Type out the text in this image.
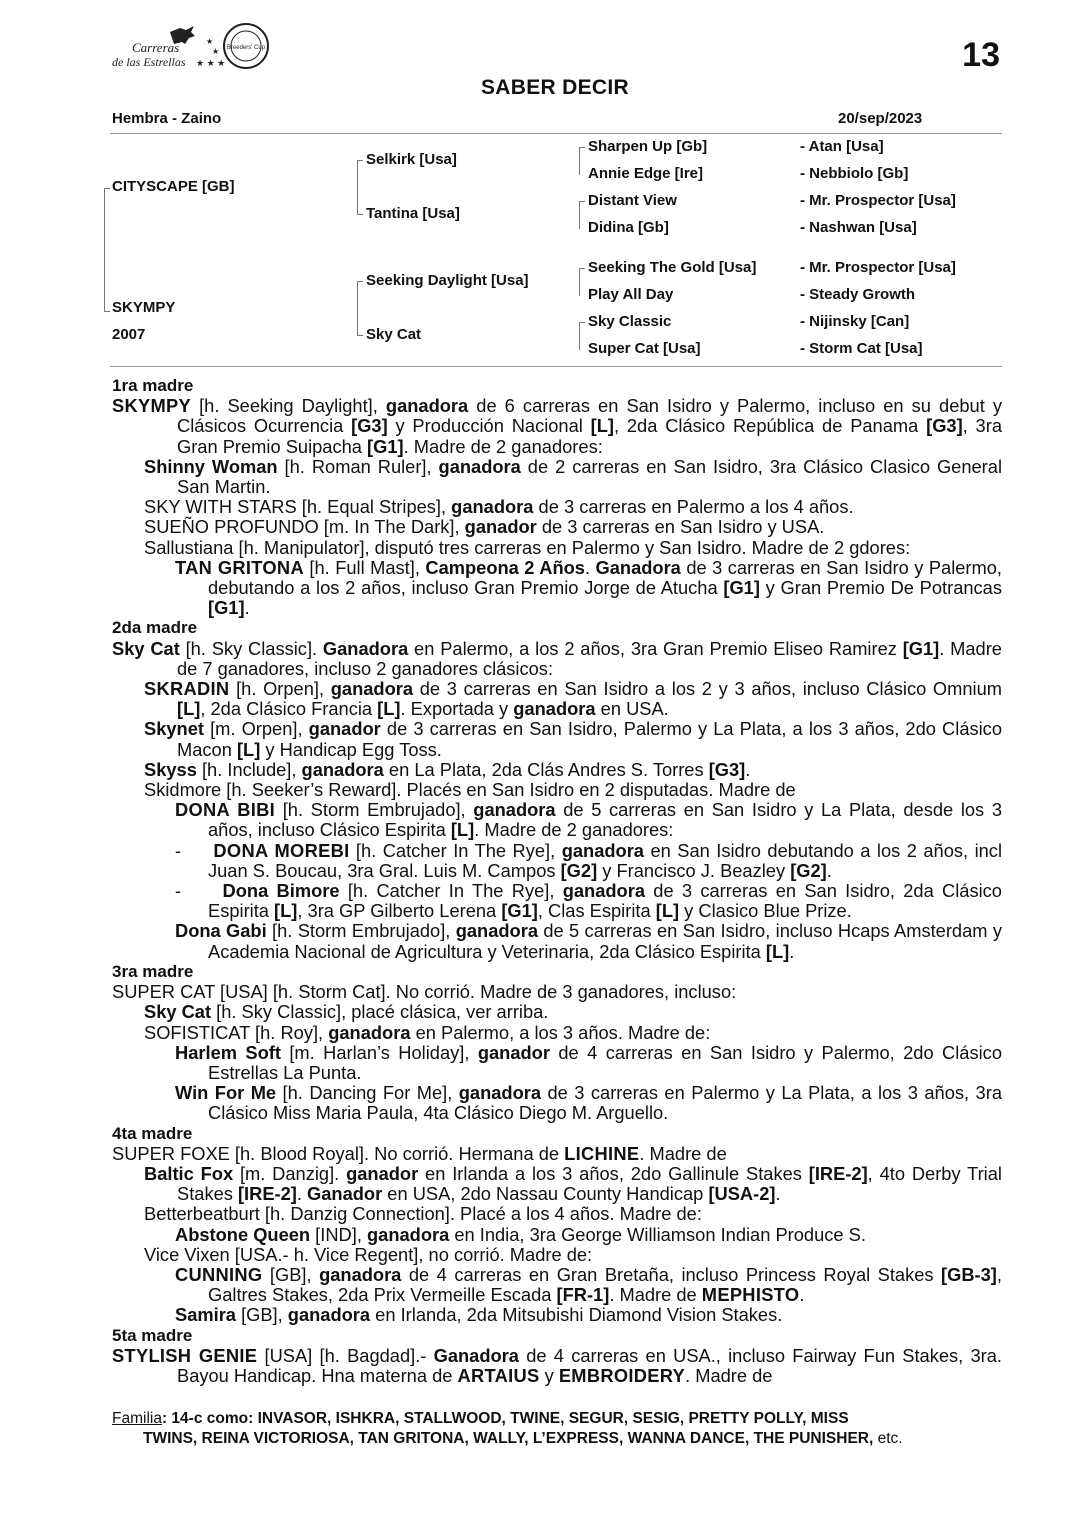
Carreras
de las Estrellas ★ ★ ★
★
★ Breeders' Cup	13
SABER DECIR
Hembra - Zaino	20/sep/2023
CITYSCAPE [GB]
SKYMPY
2007
Selkirk [Usa]
Tantina [Usa]
Seeking Daylight [Usa]
Sky Cat
Sharpen Up [Gb]
Annie Edge [Ire]
Distant View
Didina [Gb]
Seeking The Gold [Usa]
Play All Day
Sky Classic
Super Cat [Usa]
- Atan [Usa]
- Nebbiolo [Gb]
- Mr. Prospector [Usa]
- Nashwan [Usa]
- Mr. Prospector [Usa]
- Steady Growth
- Nijinsky [Can]
- Storm Cat [Usa]

1ra madre

SKYMPY [h. Seeking Daylight], ganadora de 6 carreras en San Isidro y Palermo, incluso en su debut y Clásicos Ocurrencia [G3] y Producción Nacional [L], 2da Clásico República de Panama [G3], 3ra Gran Premio Suipacha [G1]. Madre de 2 ganadores:

Shinny Woman [h. Roman Ruler], ganadora de 2 carreras en San Isidro, 3ra Clásico Clasico General San Martin.

SKY WITH STARS [h. Equal Stripes], ganadora de 3 carreras en Palermo a los 4 años.

SUEÑO PROFUNDO [m. In The Dark], ganador de 3 carreras en San Isidro y USA.

Sallustiana [h. Manipulator], disputó tres carreras en Palermo y San Isidro. Madre de 2 gdores:

TAN GRITONA [h. Full Mast], Campeona 2 Años. Ganadora de 3 carreras en San Isidro y Palermo, debutando a los 2 años, incluso Gran Premio Jorge de Atucha [G1] y Gran Premio De Potrancas [G1].

2da madre

Sky Cat [h. Sky Classic]. Ganadora en Palermo, a los 2 años, 3ra Gran Premio Eliseo Ramirez [G1]. Madre de 7 ganadores, incluso 2 ganadores clásicos:

SKRADIN [h. Orpen], ganadora de 3 carreras en San Isidro a los 2 y 3 años, incluso Clásico Omnium [L], 2da Clásico Francia [L]. Exportada y ganadora en USA.

Skynet [m. Orpen], ganador de 3 carreras en San Isidro, Palermo y La Plata, a los 3 años, 2do Clásico Macon [L] y Handicap Egg Toss.

Skyss [h. Include], ganadora en La Plata, 2da Clás Andres S. Torres [G3].

Skidmore [h. Seeker’s Reward]. Placés en San Isidro en 2 disputadas. Madre de

DONA BIBI [h. Storm Embrujado], ganadora de 5 carreras en San Isidro y La Plata, desde los 3 años, incluso Clásico Espirita [L]. Madre de 2 ganadores:

-     DONA MOREBI [h. Catcher In The Rye], ganadora en San Isidro debutando a los 2 años, incl Juan S. Boucau, 3ra Gral. Luis M. Campos [G2] y Francisco J. Beazley [G2].

-     Dona Bimore [h. Catcher In The Rye], ganadora de 3 carreras en San Isidro, 2da Clásico Espirita [L], 3ra GP Gilberto Lerena [G1], Clas Espirita [L] y Clasico Blue Prize.

Dona Gabi [h. Storm Embrujado], ganadora de 5 carreras en San Isidro, incluso Hcaps Amsterdam y Academia Nacional de Agricultura y Veterinaria, 2da Clásico Espirita [L].

3ra madre

SUPER CAT [USA] [h. Storm Cat]. No corrió. Madre de 3 ganadores, incluso:

Sky Cat [h. Sky Classic], placé clásica, ver arriba.

SOFISTICAT [h. Roy], ganadora en Palermo, a los 3 años. Madre de:

Harlem Soft [m. Harlan’s Holiday], ganador de 4 carreras en San Isidro y Palermo, 2do Clásico Estrellas La Punta.

Win For Me [h. Dancing For Me], ganadora de 3 carreras en Palermo y La Plata, a los 3 años, 3ra Clásico Miss Maria Paula, 4ta Clásico Diego M. Arguello.

4ta madre

SUPER FOXE [h. Blood Royal]. No corrió. Hermana de LICHINE. Madre de

Baltic Fox [m. Danzig]. ganador en Irlanda a los 3 años, 2do Gallinule Stakes [IRE-2], 4to Derby Trial Stakes [IRE-2]. Ganador en USA, 2do Nassau County Handicap [USA-2].

Betterbeatburt [h. Danzig Connection]. Placé a los 4 años. Madre de:

Abstone Queen [IND], ganadora en India, 3ra George Williamson Indian Produce S.

Vice Vixen [USA.- h. Vice Regent], no corrió. Madre de:

CUNNING [GB], ganadora de 4 carreras en Gran Bretaña, incluso Princess Royal Stakes [GB-3], Galtres Stakes, 2da Prix Vermeille Escada [FR-1]. Madre de MEPHISTO.

Samira [GB], ganadora en Irlanda, 2da Mitsubishi Diamond Vision Stakes.

5ta madre

STYLISH GENIE [USA] [h. Bagdad].- Ganadora de 4 carreras en USA., incluso Fairway Fun Stakes, 3ra. Bayou Handicap. Hna materna de ARTAIUS y EMBROIDERY. Madre de

Familia: 14-c como: INVASOR, ISHKRA, STALLWOOD, TWINE, SEGUR, SESIG, PRETTY POLLY, MISS
TWINS, REINA VICTORIOSA, TAN GRITONA, WALLY, L’EXPRESS, WANNA DANCE, THE PUNISHER, etc.
